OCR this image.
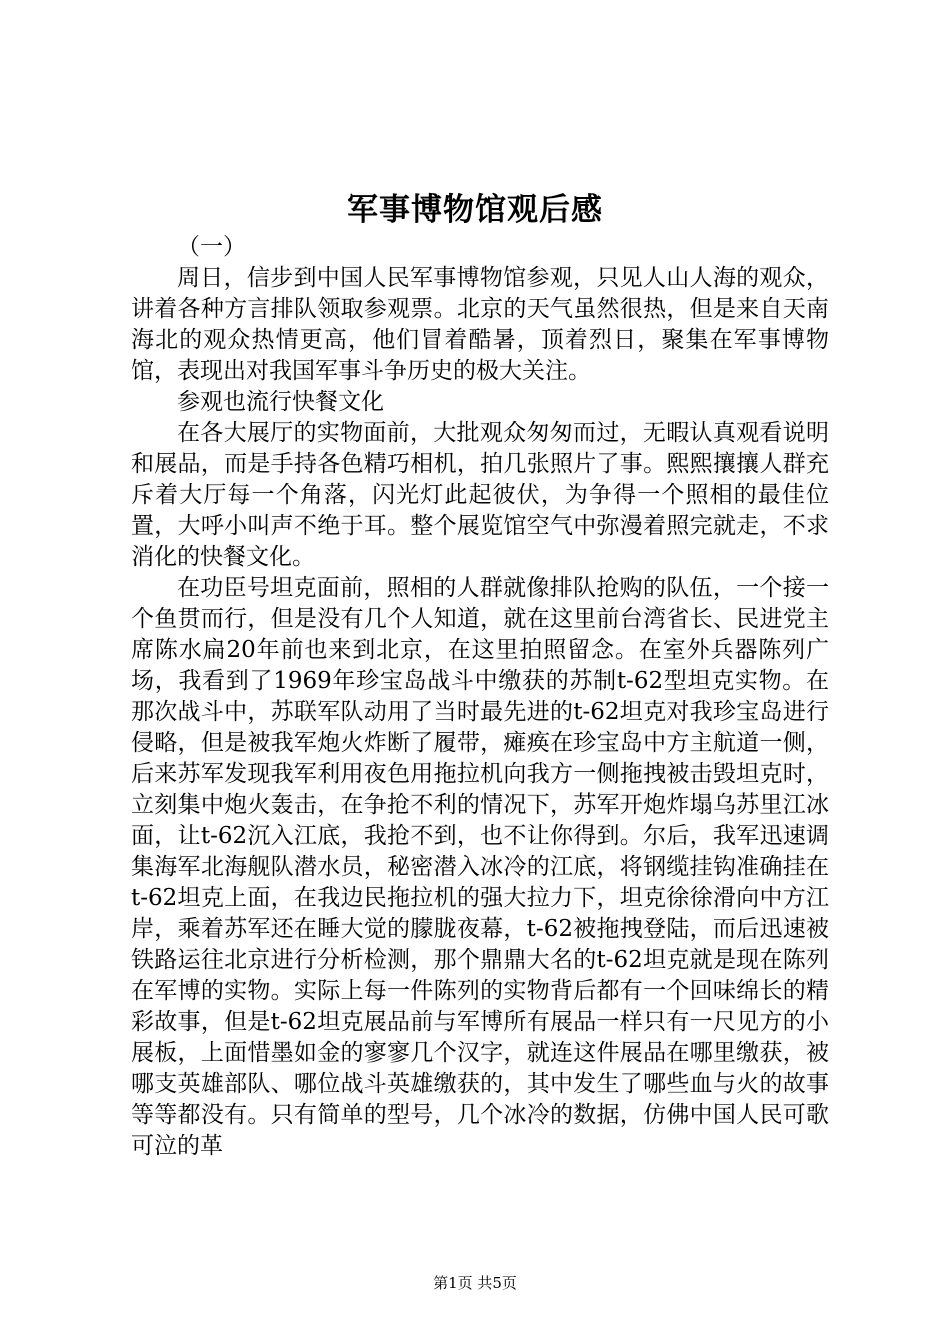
军事博物馆观后感

（一）

周日，信步到中国人民军事博物馆参观，只见人山人海的观众，讲着各种方言排队领取参观票。北京的天气虽然很热，但是来自天南海北的观众热情更高，他们冒着酷暑，顶着烈日，聚集在军事博物馆，表现出对我国军事斗争历史的极大关注。

参观也流行快餐文化

在各大展厅的实物面前，大批观众匆匆而过，无暇认真观看说明和展品，而是手持各色精巧相机，拍几张照片了事。熙熙攘攘人群充斥着大厅每一个角落，闪光灯此起彼伏，为争得一个照相的最佳位置，大呼小叫声不绝于耳。整个展览馆空气中弥漫着照完就走，不求消化的快餐文化。

在功臣号坦克面前，照相的人群就像排队抢购的队伍，一个接一个鱼贯而行，但是没有几个人知道，就在这里前台湾省长、民进党主席陈水扁20年前也来到北京，在这里拍照留念。在室外兵器陈列广场，我看到了1969年珍宝岛战斗中缴获的苏制t-62型坦克实物。在那次战斗中，苏联军队动用了当时最先进的t-62坦克对我珍宝岛进行侵略，但是被我军炮火炸断了履带，瘫痪在珍宝岛中方主航道一侧，后来苏军发现我军利用夜色用拖拉机向我方一侧拖拽被击毁坦克时，立刻集中炮火轰击，在争抢不利的情况下，苏军开炮炸塌乌苏里江冰面，让t-62沉入江底，我抢不到，也不让你得到。尔后，我军迅速调集海军北海舰队潜水员，秘密潜入冰冷的江底，将钢缆挂钩准确挂在t-62坦克上面，在我边民拖拉机的强大拉力下，坦克徐徐滑向中方江岸，乘着苏军还在睡大觉的朦胧夜幕，t-62被拖拽登陆，而后迅速被铁路运往北京进行分析检测，那个鼎鼎大名的t-62坦克就是现在陈列在军博的实物。实际上每一件陈列的实物背后都有一个回味绵长的精彩故事，但是t-62坦克展品前与军博所有展品一样只有一尺见方的小展板，上面惜墨如金的寥寥几个汉字，就连这件展品在哪里缴获，被哪支英雄部队、哪位战斗英雄缴获的，其中发生了哪些血与火的故事等等都没有。只有简单的型号，几个冰冷的数据，仿佛中国人民可歌可泣的革

第1页 共5页
